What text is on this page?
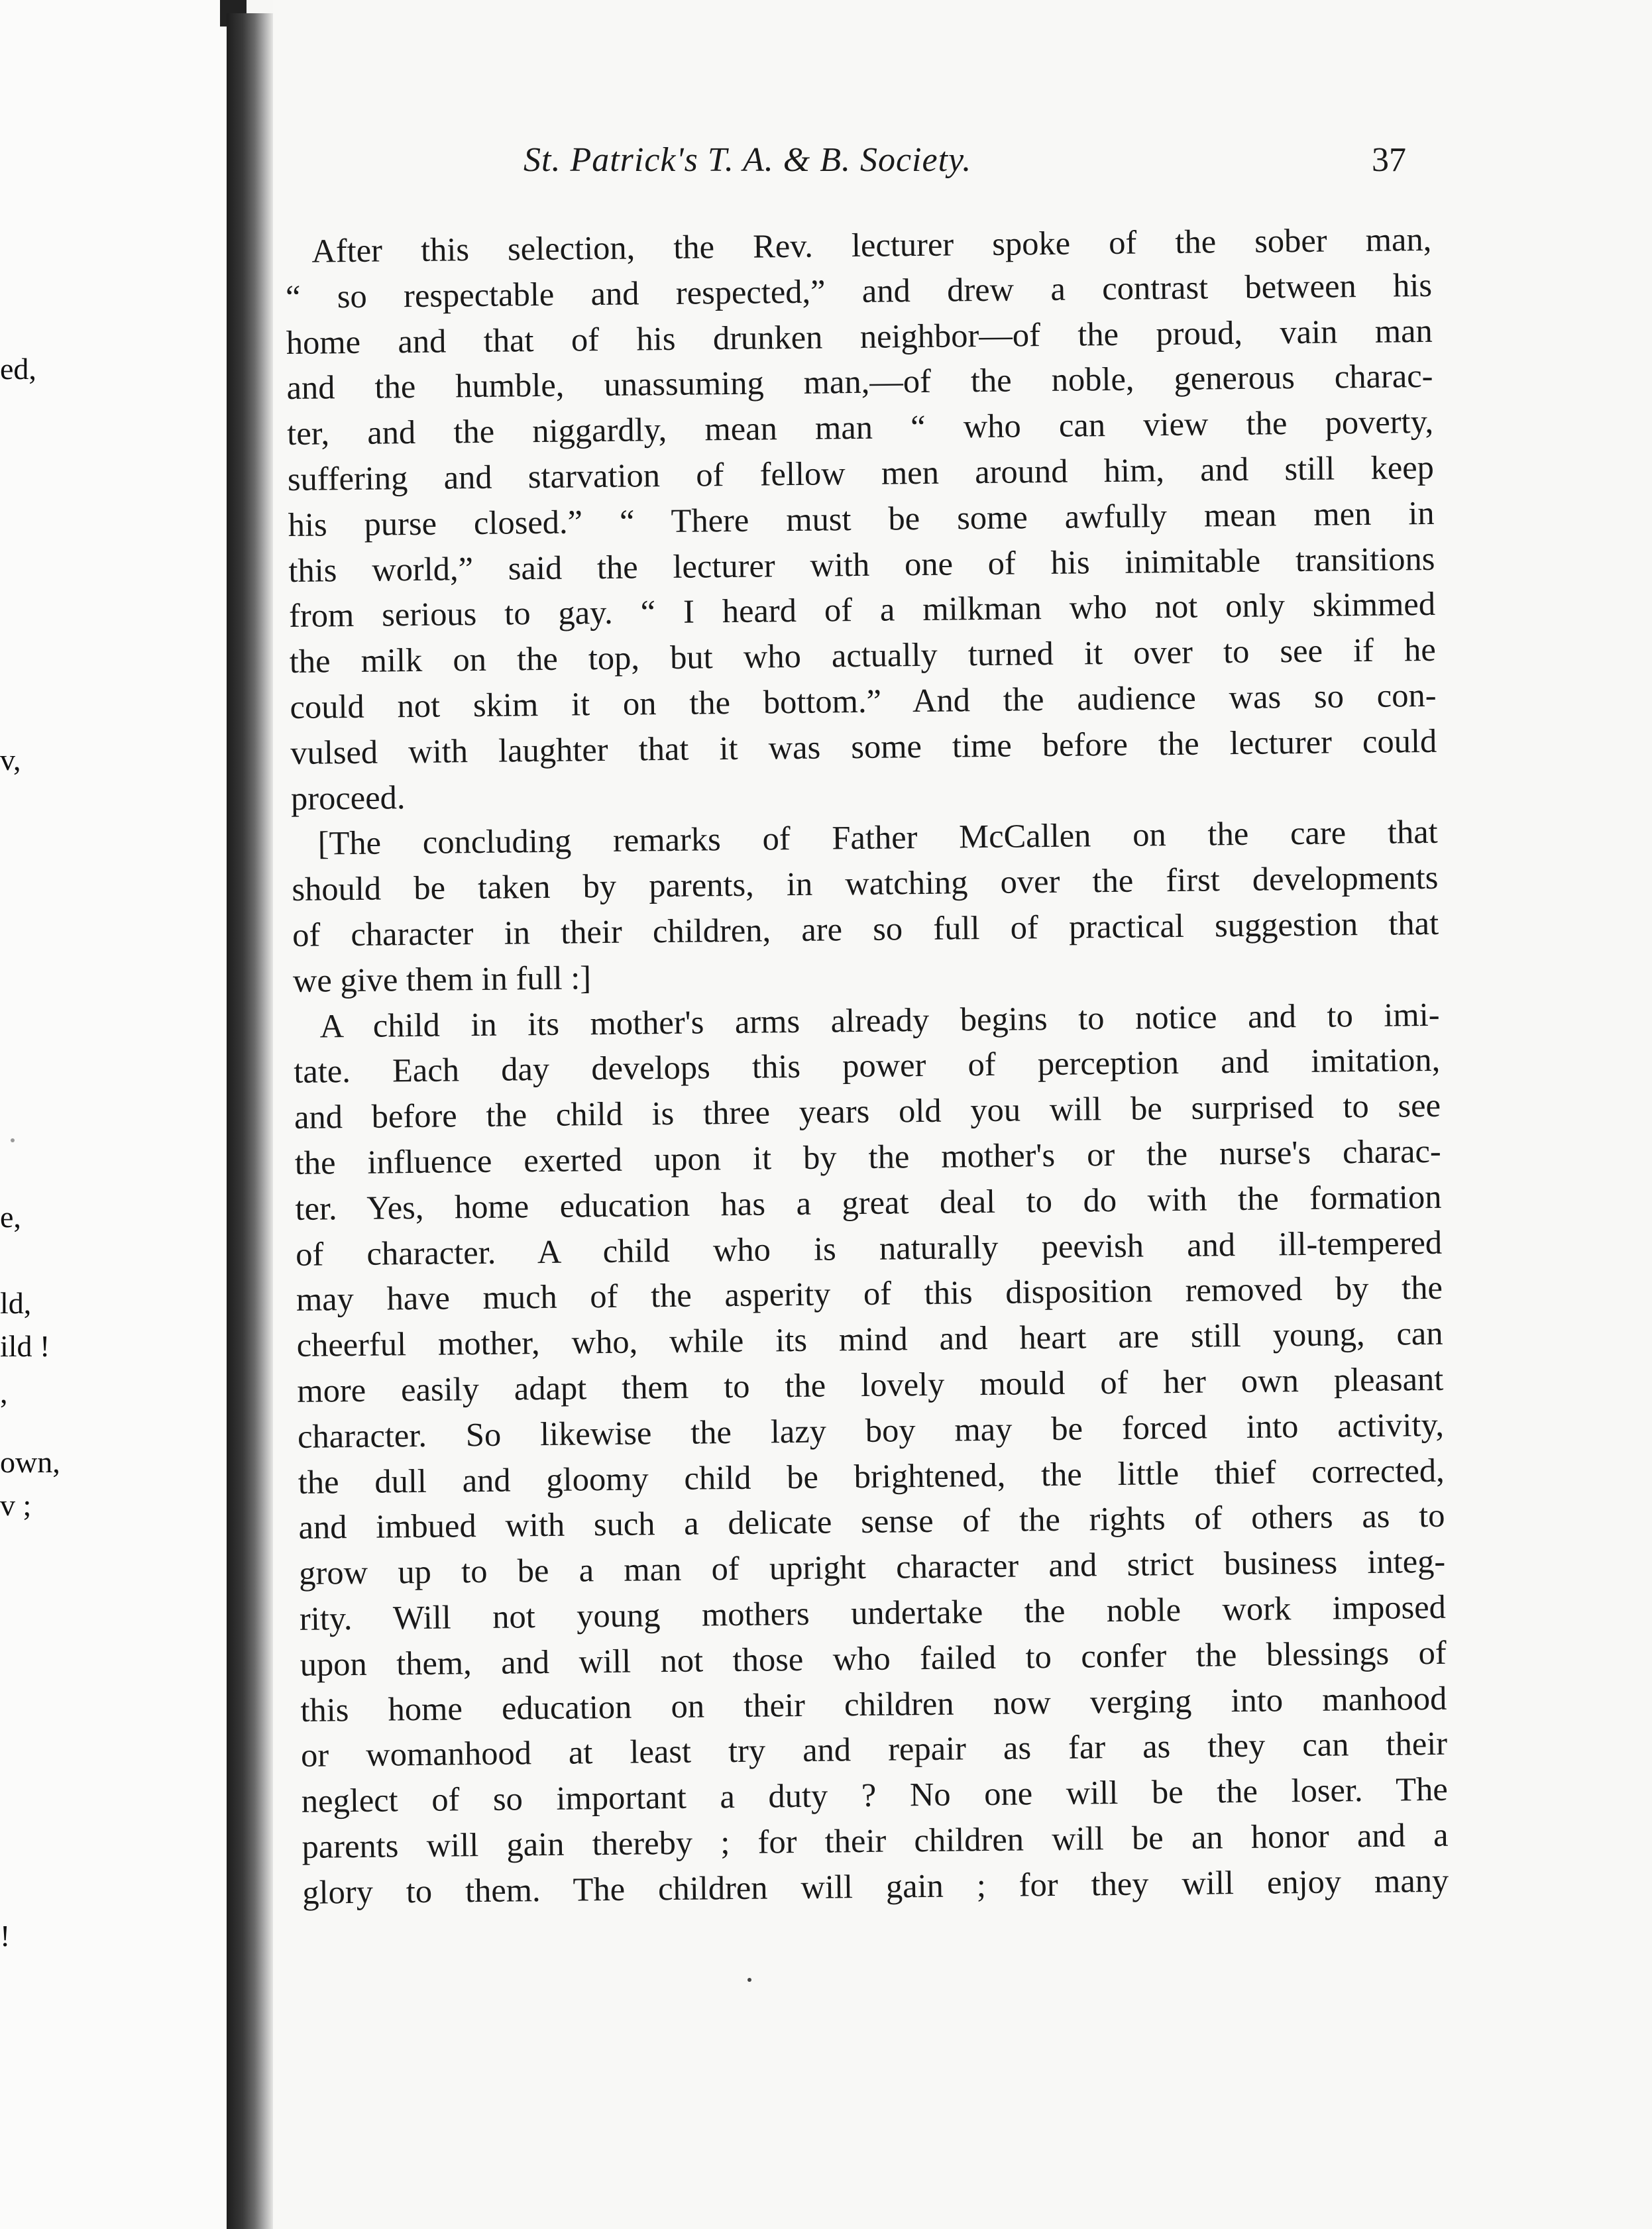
ed,
v,
e,
ld,
ild !
,
own,
v ;
!
St. Patrick's T. A. & B. Society.	37
After this selection, the Rev. lecturer spoke of the sober man,
“ so respectable and respected,” and drew a contrast between his
home and that of his drunken neighbor—of the proud, vain man
and the humble, unassuming man,—of the noble, generous charac-
ter, and the niggardly, mean man “ who can view the poverty,
suffering and starvation of fellow men around him, and still keep
his purse closed.” “ There must be some awfully mean men in
this world,” said the lecturer with one of his inimitable transitions
from serious to gay. “ I heard of a milkman who not only skimmed
the milk on the top, but who actually turned it over to see if he
could not skim it on the bottom.” And the audience was so con-
vulsed with laughter that it was some time before the lecturer could
proceed.
[The concluding remarks of Father McCallen on the care that
should be taken by parents, in watching over the first developments
of character in their children, are so full of practical suggestion that
we give them in full :]
A child in its mother's arms already begins to notice and to imi-
tate. Each day develops this power of perception and imitation,
and before the child is three years old you will be surprised to see
the influence exerted upon it by the mother's or the nurse's charac-
ter. Yes, home education has a great deal to do with the formation
of character. A child who is naturally peevish and ill-tempered
may have much of the asperity of this disposition removed by the
cheerful mother, who, while its mind and heart are still young, can
more easily adapt them to the lovely mould of her own pleasant
character. So likewise the lazy boy may be forced into activity,
the dull and gloomy child be brightened, the little thief corrected,
and imbued with such a delicate sense of the rights of others as to
grow up to be a man of upright character and strict business integ-
rity. Will not young mothers undertake the noble work imposed
upon them, and will not those who failed to confer the blessings of
this home education on their children now verging into manhood
or womanhood at least try and repair as far as they can their
neglect of so important a duty ? No one will be the loser. The
parents will gain thereby ; for their children will be an honor and a
glory to them. The children will gain ; for they will enjoy many
